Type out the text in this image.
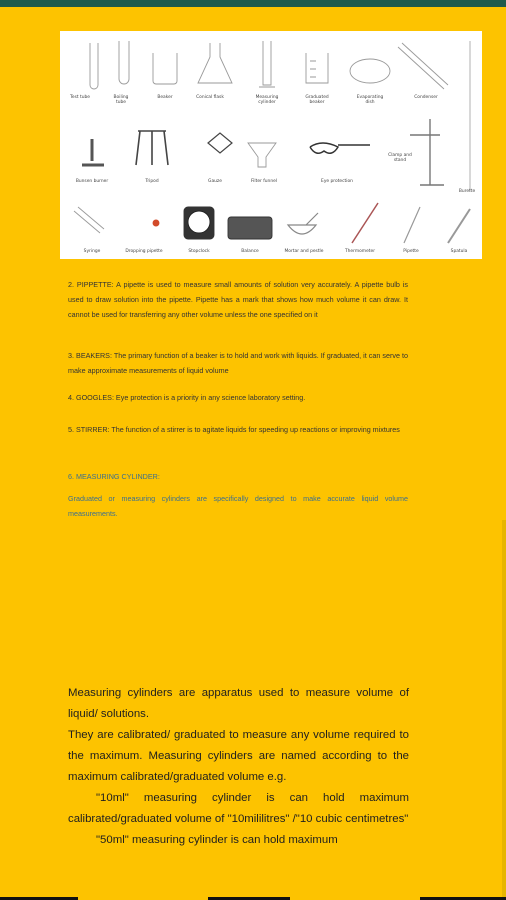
Test tube	Boiling tube
Beaker	Conical flask	Measuring cylinder
Graduated beaker
Evaporating dish
Condenser
Bunsen burner	Tripod	Gauze	Filter funnel	Eye protection
Clamp and stand
Burette
Syringe	Dropping pipette	Stopclock	Balance	Mortar and pestle	Thermometer	Pipette	Spatula
2. PIPPETTE: A pipette is used to measure small amounts of solution very accurately. A pipette bulb is used to draw solution into the pipette. Pipette has a mark that shows how much volume it can draw. It cannot be used for transferring any other volume unless the one specified on it
3. BEAKERS: The primary function of a beaker is to hold and work with liquids. If graduated, it can serve to make approximate measurements of liquid volume
4. GOOGLES: Eye protection is a priority in any science laboratory setting.
5. STIRRER: The function of a stirrer is to agitate liquids for speeding up reactions or improving mixtures
6. MEASURING CYLINDER:
Graduated or measuring cylinders are specifically designed to make accurate liquid volume measurements.

Measuring cylinders are apparatus used to measure volume of liquid/ solutions.

They are calibrated/ graduated to measure any volume required to the maximum. Measuring cylinders are named according to the maximum calibrated/graduated volume e.g.

"10ml" measuring cylinder is can hold maximum calibrated/graduated volume of "10mililitres" /"10 cubic centimetres"

"50ml" measuring cylinder is can hold maximum
